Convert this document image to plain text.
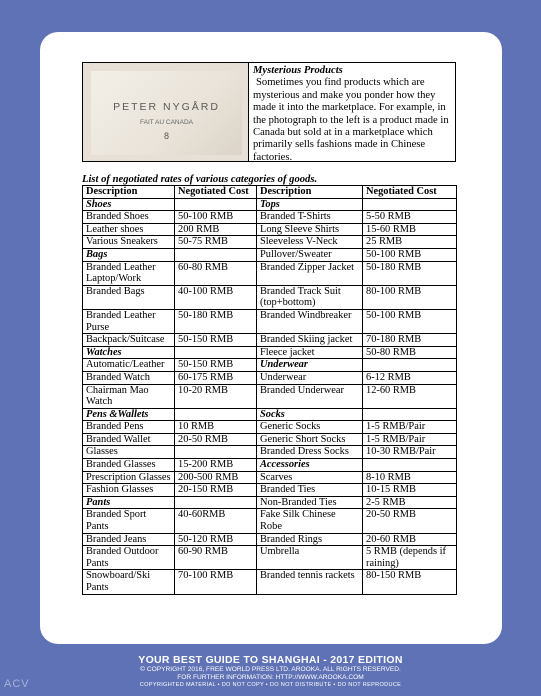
PETER NYGÅRD
FAIT AU CANADA
8
Mysterious Products
Sometimes you find products which are mysterious and make you ponder how they made it into the marketplace. For example, in the photograph to the left is a product made in Canada but sold at in a marketplace which primarily sells fashions made in Chinese factories.
List of negotiated rates of various categories of goods.
Description	Negotiated Cost	Description	Negotiated Cost
Shoes		Tops	
Branded Shoes	50-100 RMB	Branded T-Shirts	5-50 RMB
Leather shoes	200 RMB	Long Sleeve Shirts	15-60 RMB
Various Sneakers	50-75 RMB	Sleeveless V-Neck	25 RMB
Bags		Pullover/Sweater	50-100 RMB
Branded Leather Laptop/Work	60-80 RMB	Branded Zipper Jacket	50-180 RMB
Branded Bags	40-100 RMB	Branded Track Suit (top+bottom)	80-100 RMB
Branded Leather Purse	50-180 RMB	Branded Windbreaker	50-100 RMB
Backpack/Suitcase	50-150 RMB	Branded Skiing jacket	70-180 RMB
Watches		Fleece jacket	50-80 RMB
Automatic/Leather	50-150 RMB	Underwear	
Branded Watch	60-175 RMB	Underwear	6-12 RMB
Chairman Mao Watch	10-20 RMB	Branded Underwear	12-60 RMB
Pens &Wallets		Socks	
Branded Pens	10 RMB	Generic Socks	1-5 RMB/Pair
Branded Wallet	20-50 RMB	Generic Short Socks	1-5 RMB/Pair
Glasses		Branded Dress Socks	10-30 RMB/Pair
Branded Glasses	15-200 RMB	Accessories	
Prescription Glasses	200-500 RMB	Scarves	8-10 RMB
Fashion Glasses	20-150 RMB	Branded Ties	10-15 RMB
Pants		Non-Branded Ties	2-5 RMB
Branded Sport Pants	40-60RMB	Fake Silk Chinese Robe	20-50 RMB
Branded Jeans	50-120 RMB	Branded Rings	20-60 RMB
Branded Outdoor Pants	60-90 RMB	Umbrella	5 RMB (depends if raining)
Snowboard/Ski Pants	70-100 RMB	Branded tennis rackets	80-150 RMB
YOUR BEST GUIDE TO SHANGHAI - 2017 EDITION
© COPYRIGHT 2016, FREE WORLD PRESS LTD. AROOKA. ALL RIGHTS RESERVED.
FOR FURTHER INFORMATION: HTTP://WWW.AROOKA.COM
COPYRIGHTED MATERIAL • DO NOT COPY • DO NOT DISTRIBUTE • DO NOT REPRODUCE
ACV
